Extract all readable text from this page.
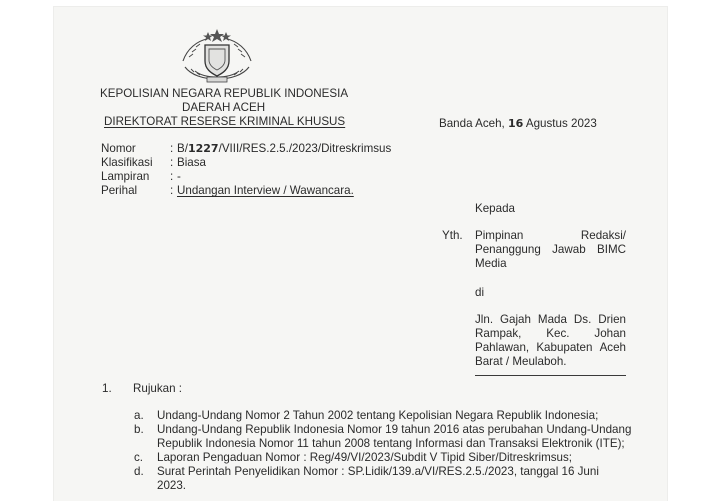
KEPOLISIAN NEGARA REPUBLIK INDONESIA
DAERAH ACEH
DIREKTORAT RESERSE KRIMINAL KHUSUS	Banda Aceh, 16 Agustus 2023
Nomor	: B/1227/VIII/RES.2.5./2023/Ditreskrimsus
Klasifikasi : Biasa
Lampiran : -
Perihal	: Undangan Interview / Wawancara.
Kepada
Yth. Pimpinan	Redaksi/
Penanggung Jawab BIMC
Media
di
Jln. Gajah Mada Ds. Drien
Rampak, Kec. Johan
Pahlawan, Kabupaten Aceh
Barat / Meulaboh.
1. Rujukan :
a. Undang-Undang Nomor 2 Tahun 2002 tentang Kepolisian Negara Republik Indonesia;
b. Undang-Undang Republik Indonesia Nomor 19 tahun 2016 atas perubahan Undang-Undang
Republik Indonesia Nomor 11 tahun 2008 tentang Informasi dan Transaksi Elektronik (ITE);
c. Laporan Pengaduan Nomor : Reg/49/VI/2023/Subdit V Tipid Siber/Ditreskrimsus;
d. Surat Perintah Penyelidikan Nomor : SP.Lidik/139.a/VI/RES.2.5./2023, tanggal 16 Juni
2023.
